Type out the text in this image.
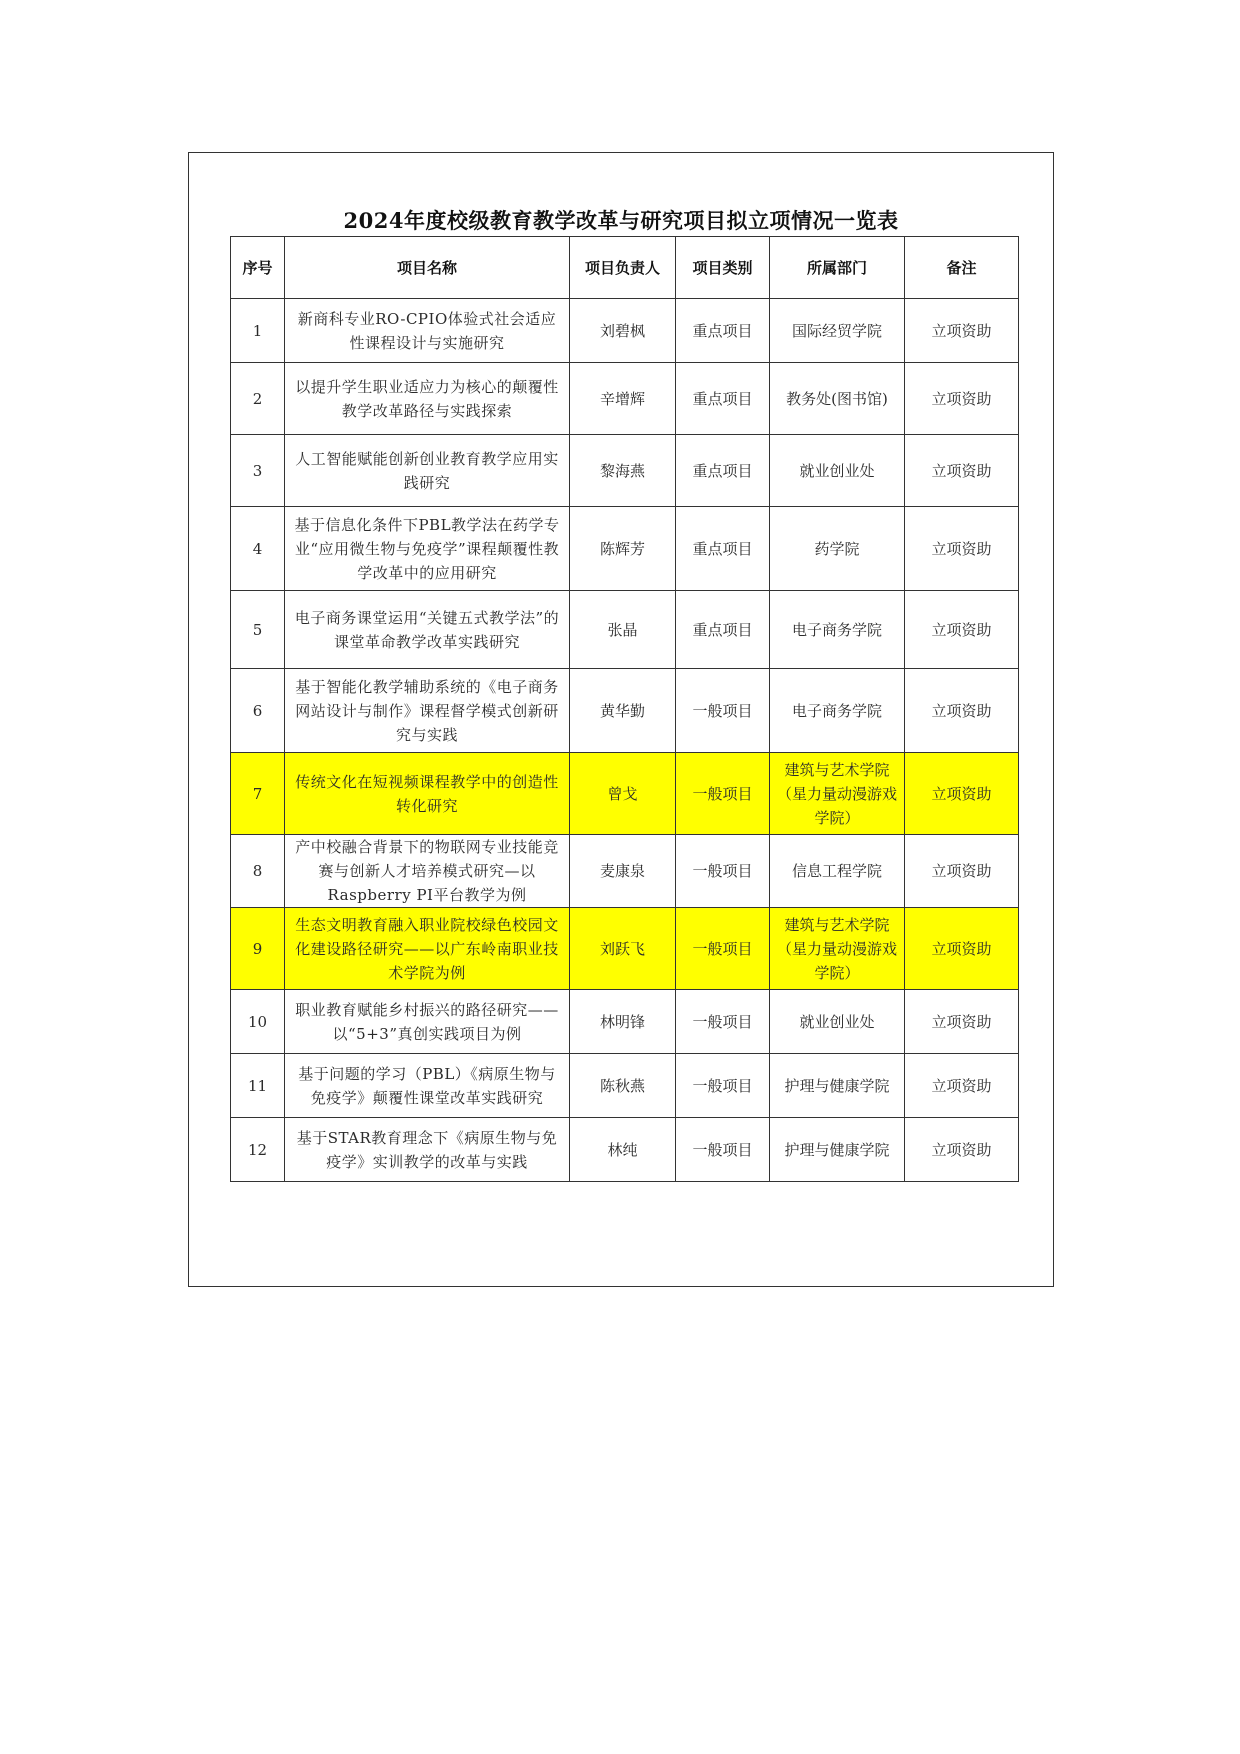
2024年度校级教育教学改革与研究项目拟立项情况一览表
序号	项目名称	项目负责人	项目类别	所属部门	备注
1	新商科专业RO-CPIO体验式社会适应性课程设计与实施研究	刘碧枫	重点项目	国际经贸学院	立项资助
2	以提升学生职业适应力为核心的颠覆性教学改革路径与实践探索	辛增辉	重点项目	教务处(图书馆)	立项资助
3	人工智能赋能创新创业教育教学应用实践研究	黎海燕	重点项目	就业创业处	立项资助
4	基于信息化条件下PBL教学法在药学专业“应用微生物与免疫学”课程颠覆性教学改革中的应用研究	陈辉芳	重点项目	药学院	立项资助
5	电子商务课堂运用“关键五式教学法”的课堂革命教学改革实践研究	张晶	重点项目	电子商务学院	立项资助
6	基于智能化教学辅助系统的《电子商务网站设计与制作》课程督学模式创新研究与实践	黄华勤	一般项目	电子商务学院	立项资助
7	传统文化在短视频课程教学中的创造性转化研究	曾戈	一般项目	建筑与艺术学院（星力量动漫游戏学院）	立项资助
8	产中校融合背景下的物联网专业技能竞赛与创新人才培养模式研究—以Raspberry PI平台教学为例	麦康泉	一般项目	信息工程学院	立项资助
9	生态文明教育融入职业院校绿色校园文化建设路径研究——以广东岭南职业技术学院为例	刘跃飞	一般项目	建筑与艺术学院（星力量动漫游戏学院）	立项资助
10	职业教育赋能乡村振兴的路径研究——以“5+3”真创实践项目为例	林明锋	一般项目	就业创业处	立项资助
11	基于问题的学习（PBL）《病原生物与免疫学》颠覆性课堂改革实践研究	陈秋燕	一般项目	护理与健康学院	立项资助
12	基于STAR教育理念下《病原生物与免疫学》实训教学的改革与实践	林纯	一般项目	护理与健康学院	立项资助
